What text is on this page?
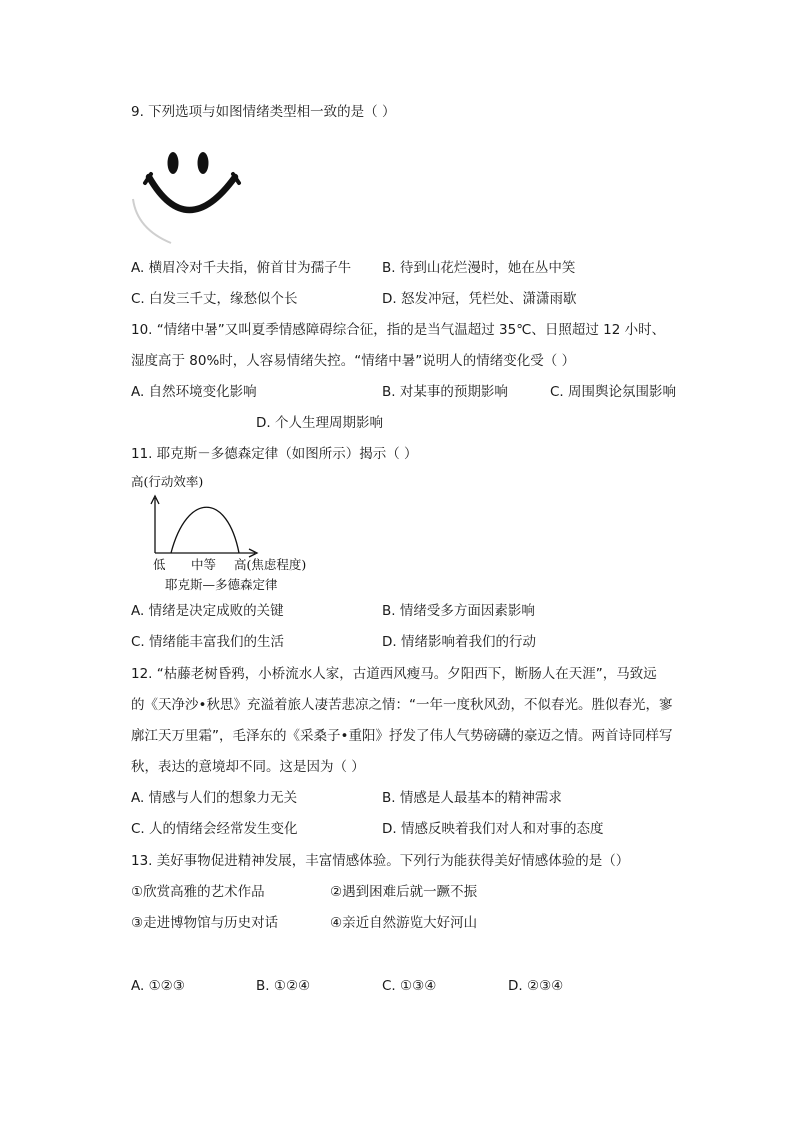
9. 下列选项与如图情绪类型相一致的是（ ）
A. 横眉冷对千夫指，俯首甘为孺子牛 B. 待到山花烂漫时，她在丛中笑
C. 白发三千丈，缘愁似个长	D. 怒发冲冠，凭栏处、潇潇雨歇
10. “情绪中暑”又叫夏季情感障碍综合征，指的是当气温超过 35℃、日照超过 12 小时、
湿度高于 80%时，人容易情绪失控。“情绪中暑”说明人的情绪变化受（ ）
A. 自然环境变化影响	B. 对某事的预期影响	C. 周围舆论氛围影响
D. 个人生理周期影响
11. 耶克斯－多德森定律（如图所示）揭示（ ）
高(行动效率)
低 中等 高(焦虑程度)
耶克斯—多德森定律
A. 情绪是决定成败的关键	B. 情绪受多方面因素影响
C. 情绪能丰富我们的生活	D. 情绪影响着我们的行动
12. “枯藤老树昏鸦，小桥流水人家，古道西风瘦马。夕阳西下，断肠人在天涯”，马致远
的《天净沙•秋思》充溢着旅人凄苦悲凉之情：“一年一度秋风劲，不似春光。胜似春光，寥
廓江天万里霜”，毛泽东的《采桑子•重阳》抒发了伟人气势磅礴的豪迈之情。两首诗同样写
秋，表达的意境却不同。这是因为（ ）
A. 情感与人们的想象力无关	B. 情感是人最基本的精神需求
C. 人的情绪会经常发生变化	D. 情感反映着我们对人和对事的态度
13. 美好事物促进精神发展，丰富情感体验。下列行为能获得美好情感体验的是（）
①欣赏高雅的艺术作品	②遇到困难后就一蹶不振
③走进博物馆与历史对话	④亲近自然游览大好河山
A. ①②③	B. ①②④	C. ①③④	D. ②③④
